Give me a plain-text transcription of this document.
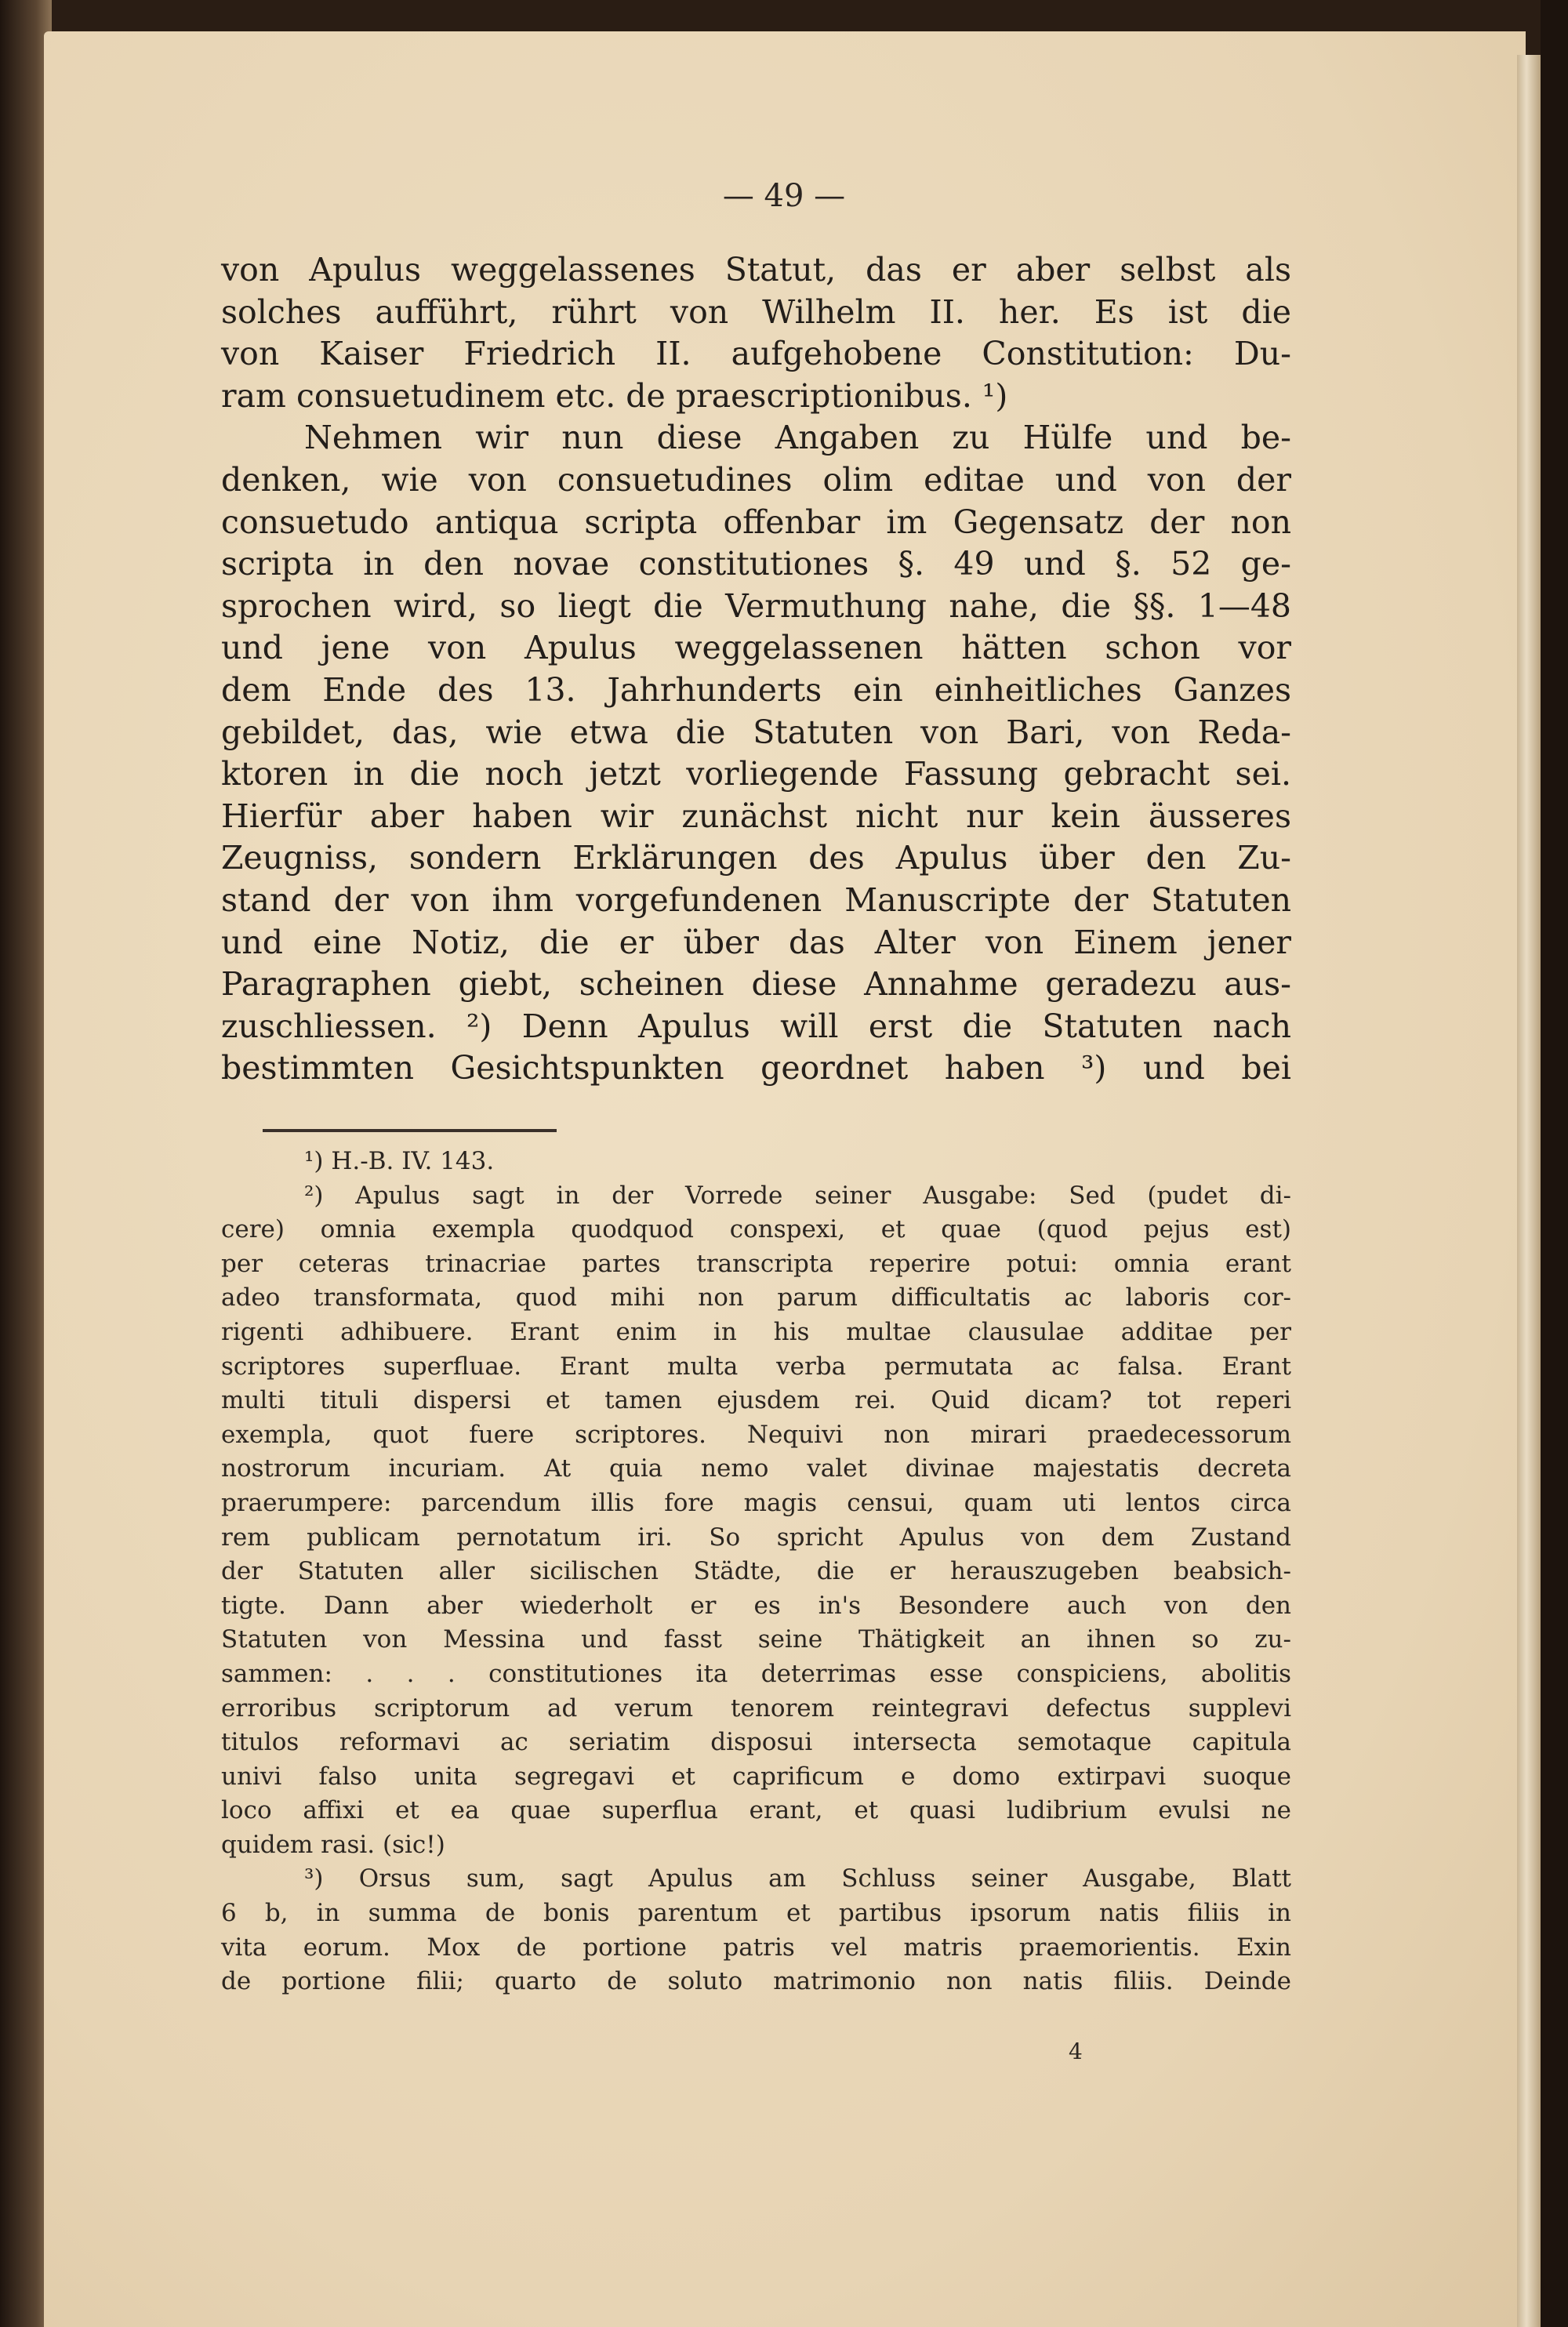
— 49 —
von Apulus weggelassenes Statut, das er aber selbst als
solches aufführt, rührt von Wilhelm II. her. Es ist die
von Kaiser Friedrich II. aufgehobene Constitution: Du-
ram consuetudinem etc. de praescriptionibus. ¹)
Nehmen wir nun diese Angaben zu Hülfe und be-
denken, wie von consuetudines olim editae und von der
consuetudo antiqua scripta offenbar im Gegensatz der non
scripta in den novae constitutiones §. 49 und §. 52 ge-
sprochen wird, so liegt die Vermuthung nahe, die §§. 1—48
und jene von Apulus weggelassenen hätten schon vor
dem Ende des 13. Jahrhunderts ein einheitliches Ganzes
gebildet, das, wie etwa die Statuten von Bari, von Reda-
ktoren in die noch jetzt vorliegende Fassung gebracht sei.
Hierfür aber haben wir zunächst nicht nur kein äusseres
Zeugniss, sondern Erklärungen des Apulus über den Zu-
stand der von ihm vorgefundenen Manuscripte der Statuten
und eine Notiz, die er über das Alter von Einem jener
Paragraphen giebt, scheinen diese Annahme geradezu aus-
zuschliessen. ²) Denn Apulus will erst die Statuten nach
bestimmten Gesichtspunkten geordnet haben ³) und bei
¹) H.-B. IV. 143.
²) Apulus sagt in der Vorrede seiner Ausgabe: Sed (pudet di-
cere) omnia exempla quodquod conspexi, et quae (quod pejus est)
per ceteras trinacriae partes transcripta reperire potui: omnia erant
adeo transformata, quod mihi non parum difficultatis ac laboris cor-
rigenti adhibuere. Erant enim in his multae clausulae additae per
scriptores superfluae. Erant multa verba permutata ac falsa. Erant
multi tituli dispersi et tamen ejusdem rei. Quid dicam? tot reperi
exempla, quot fuere scriptores. Nequivi non mirari praedecessorum
nostrorum incuriam. At quia nemo valet divinae majestatis decreta
praerumpere: parcendum illis fore magis censui, quam uti lentos circa
rem publicam pernotatum iri. So spricht Apulus von dem Zustand
der Statuten aller sicilischen Städte, die er herauszugeben beabsich-
tigte. Dann aber wiederholt er es in's Besondere auch von den
Statuten von Messina und fasst seine Thätigkeit an ihnen so zu-
sammen: . . . constitutiones ita deterrimas esse conspiciens, abolitis
erroribus scriptorum ad verum tenorem reintegravi defectus supplevi
titulos reformavi ac seriatim disposui intersecta semotaque capitula
univi falso unita segregavi et caprificum e domo extirpavi suoque
loco affixi et ea quae superflua erant, et quasi ludibrium evulsi ne
quidem rasi. (sic!)
³) Orsus sum, sagt Apulus am Schluss seiner Ausgabe, Blatt
6 b, in summa de bonis parentum et partibus ipsorum natis filiis in
vita eorum. Mox de portione patris vel matris praemorientis. Exin
de portione filii; quarto de soluto matrimonio non natis filiis. Deinde
4
